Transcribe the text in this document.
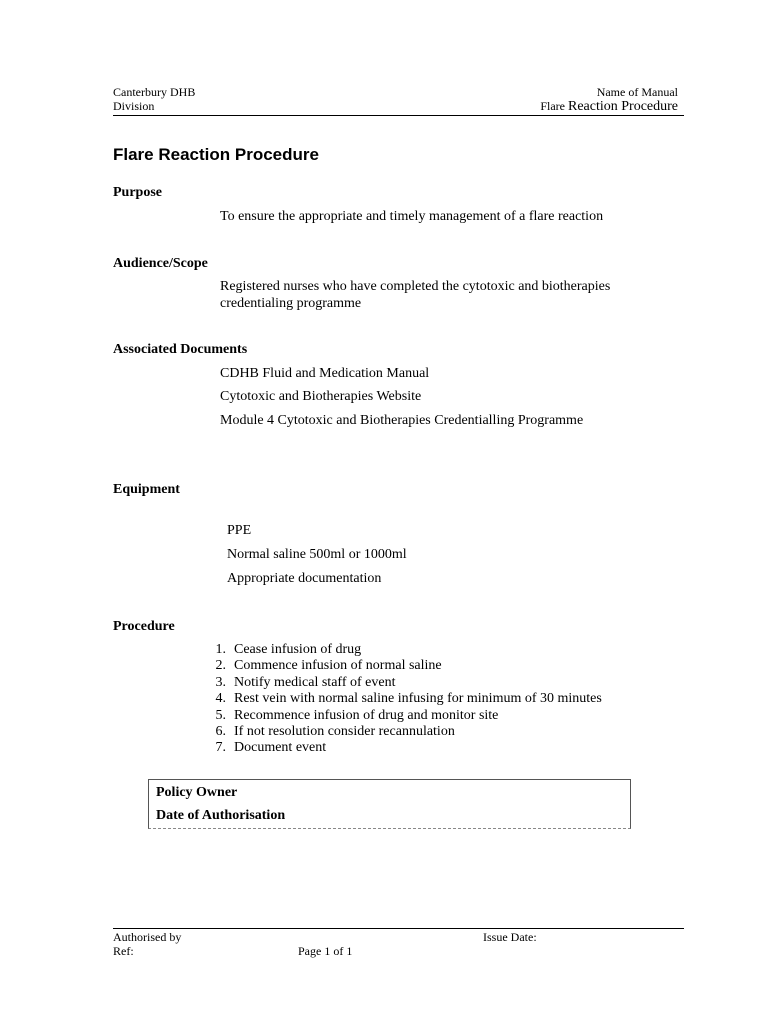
Canterbury DHB
Division
Name of Manual
Flare Reaction Procedure
Flare Reaction Procedure
Purpose
To ensure the appropriate and timely management of a flare reaction
Audience/Scope
Registered nurses who have completed the cytotoxic and biotherapies credentialing programme
Associated Documents
CDHB Fluid and Medication Manual
Cytotoxic and Biotherapies Website
Module 4 Cytotoxic and Biotherapies Credentialling Programme
Equipment
PPE
Normal saline 500ml or 1000ml
Appropriate documentation
Procedure
1. Cease infusion of drug
2. Commence infusion of normal saline
3. Notify medical staff of event
4. Rest vein with normal saline infusing for minimum of 30 minutes
5. Recommence infusion of drug and monitor site
6. If not resolution consider recannulation
7. Document event
Policy Owner
Date of Authorisation
Authorised by
Ref:	Page 1 of 1
Issue Date:
